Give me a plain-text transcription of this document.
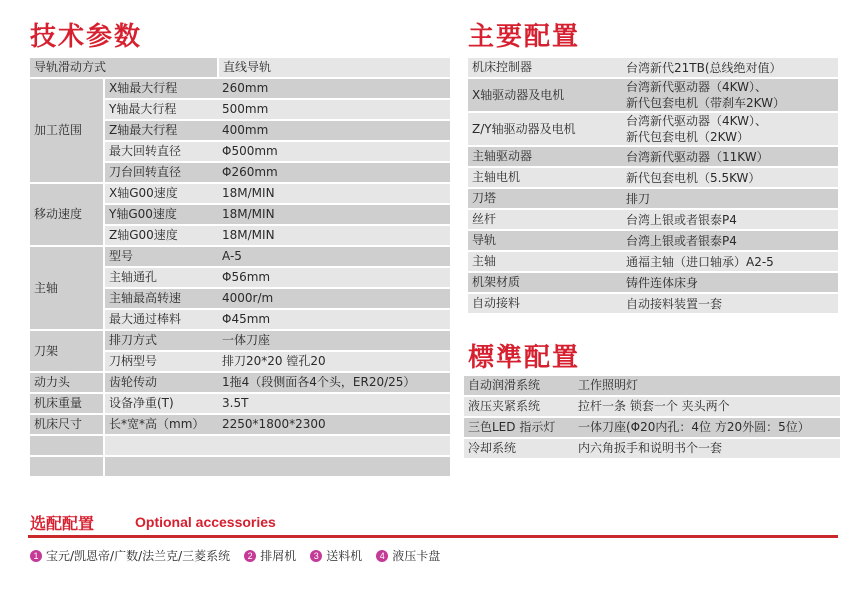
技术参数
导轨滑动方式		直线导轨
加工范围	X轴最大行程	260mm
	Y轴最大行程	500mm
	Z轴最大行程	400mm
	最大回转直径	Φ500mm
	刀台回转直径	Φ260mm
移动速度	X轴G00速度	18M/MIN
	Y轴G00速度	18M/MIN
	Z轴G00速度	18M/MIN
主轴	型号	A-5
	主轴通孔	Φ56mm
	主轴最高转速	4000r/m
	最大通过棒料	Φ45mm
刀架	排刀方式	一体刀座
	刀柄型号	排刀20*20 镗孔20
动力头	齿轮传动	1拖4（段侧面各4个头，ER20/25）
机床重量	设备净重(T)	3.5T
机床尺寸	长*宽*高（mm）	2250*1800*2300

主要配置
机床控制器	台湾新代21TB(总线绝对值）
X轴驱动器及电机	台湾新代驱动器（4KW）、
新代包套电机（带刹车2KW）
Z/Y轴驱动器及电机	台湾新代驱动器（4KW）、
新代包套电机（2KW）
主轴驱动器	台湾新代驱动器（11KW）
主轴电机	新代包套电机（5.5KW）
刀塔	排刀
丝杆	台湾上银或者银泰P4
导轨	台湾上银或者银泰P4
主轴	通福主轴（进口轴承）A2-5
机架材质	铸件连体床身
自动接料	自动接料装置一套
標準配置
自动润滑系统	工作照明灯
液压夹紧系统	拉杆一条 锁套一个 夹头两个
三色LED 指示灯	一体刀座(Φ20内孔：4位 方20外圆：5位）
冷却系统	内六角扳手和说明书个一套
选配配置	Optional accessories
1 宝元/凯恩帝/广数/法兰克/三菱系统	2 排屑机	3 送料机	4 液压卡盘
